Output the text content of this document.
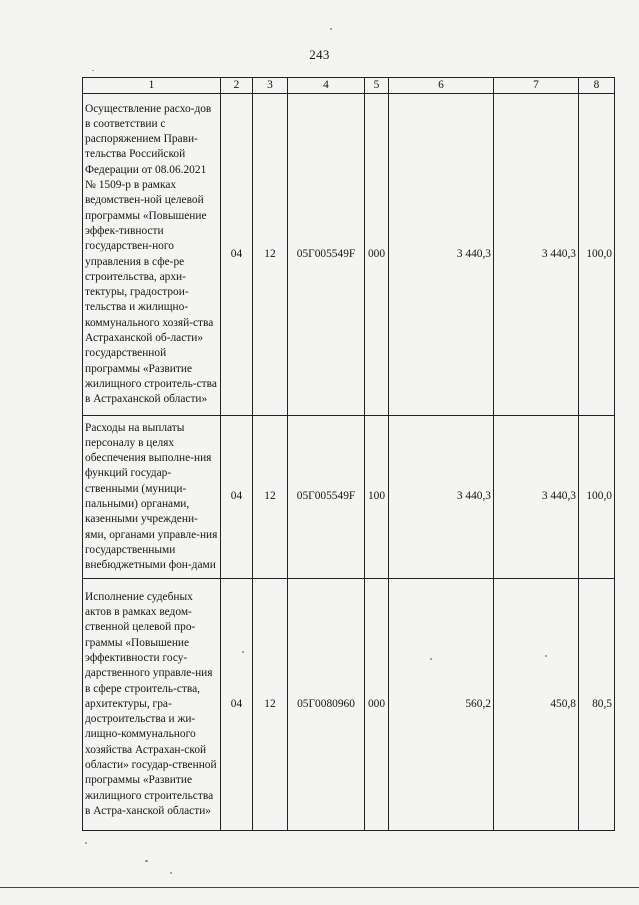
243
1	2	3	4	5	6	7	8
Осуществление расхо-дов в соответствии с распоряжением Прави-тельства Российской Федерации от 08.06.2021 № 1509-р в рамках ведомствен-ной целевой программы «Повышение эффек-тивности государствен-ного управления в сфе-ре строительства, архи-тектуры, градострои-тельства и жилищно-коммунального хозяй-ства Астраханской об-ласти» государственной программы «Развитие жилищного строитель-ства в Астраханской области»	04	12	05Г005549F	000	3 440,3	3 440,3	100,0
Расходы на выплаты персоналу в целях обеспечения выполне-ния функций государ-ственными (муници-пальными) органами, казенными учреждени-ями, органами управле-ния государственными внебюджетными фон-дами	04	12	05Г005549F	100	3 440,3	3 440,3	100,0
Исполнение судебных актов в рамках ведом-ственной целевой про-граммы «Повышение эффективности госу-дарственного управле-ния в сфере строитель-ства, архитектуры, гра-достроительства и жи-лищно-коммунального хозяйства Астрахан-ской области» государ-ственной программы «Развитие жилищного строительства в Астра-ханской области»	04	12	05Г0080960	000	560,2	450,8	80,5
